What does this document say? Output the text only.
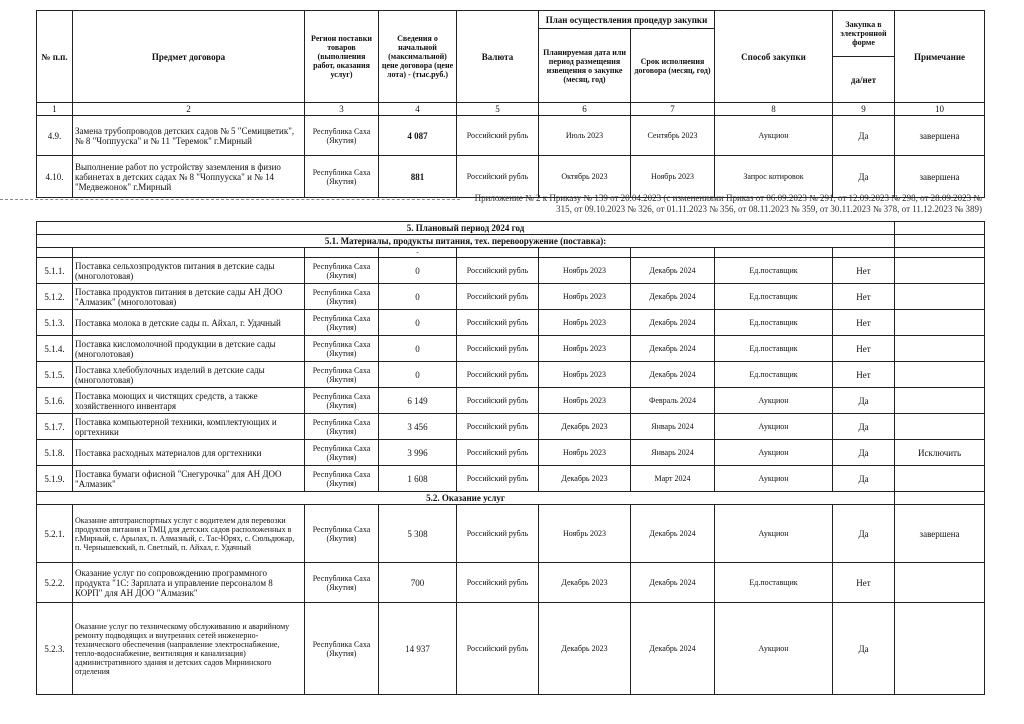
№ п.п.	Предмет договора	Регион поставки товаров (выполнения работ, оказания услуг)	Сведения о начальной (максимальной) цене договора (цене лота) - (тыс.руб.)	Валюта	План осуществления процедур закупки		Способ закупки	Закупка в электронной форме	Примечание
					Планируемая дата или период размещения извещения о закупке (месяц, год)	Срок исполнения договора (месяц, год)			
								да/нет	
1	2	3	4	5	6	7	8	9	10
4.9.	Замена трубопроводов детских садов № 5 "Семицветик", № 8 "Чоппууска" и № 11 "Теремок" г.Мирный	Республика Саха (Якутия)	4 087	Российский рубль	Июль 2023	Сентябрь 2023	Аукцион	Да	завершена
4.10.	Выполнение работ по устройству заземления в физио кабинетах в детских садах № 8 "Чоппууска" и № 14 "Медвежонок" г.Мирный	Республика Саха (Якутия)	881	Российский рубль	Октябрь 2023	Ноябрь 2023	Запрос котировок	Да	завершена
Приложение № 2 к Приказу № 139 от 20.04.2023 (с изменениями Приказ от 06.09.2023 № 291, от 12.09.2023 № 298, от 28.09.2023 № 315, от 09.10.2023 № 326, от 01.11.2023 № 356, от 08.11.2023 № 359, от 30.11.2023 № 378, от 11.12.2023 № 389)
5. Плановый период 2024 год									
5.1. Материалы, продукты питания, тех. перевооружение (поставка):									
			-						
5.1.1.	Поставка сельхозпродуктов питания в детские сады (многолотовая)	Республика Саха (Якутия)	0	Российский рубль	Ноябрь 2023	Декабрь 2024	Ед.поставщик	Нет	
5.1.2.	Поставка продуктов питания в детские сады АН ДОО "Алмазик" (многолотовая)	Республика Саха (Якутия)	0	Российский рубль	Ноябрь 2023	Декабрь 2024	Ед.поставщик	Нет	
5.1.3.	Поставка молока в детские сады п. Айхал, г. Удачный	Республика Саха (Якутия)	0	Российский рубль	Ноябрь 2023	Декабрь 2024	Ед.поставщик	Нет	
5.1.4.	Поставка кисломолочной продукции в детские сады (многолотовая)	Республика Саха (Якутия)	0	Российский рубль	Ноябрь 2023	Декабрь 2024	Ед.поставщик	Нет	
5.1.5.	Поставка хлебобулочных изделий в детские сады (многолотовая)	Республика Саха (Якутия)	0	Российский рубль	Ноябрь 2023	Декабрь 2024	Ед.поставщик	Нет	
5.1.6.	Поставка моющих и чистящих средств, а также хозяйственного инвентаря	Республика Саха (Якутия)	6 149	Российский рубль	Ноябрь 2023	Февраль 2024	Аукцион	Да	
5.1.7.	Поставка компьютерной техники, комплектующих и оргтехники	Республика Саха (Якутия)	3 456	Российский рубль	Декабрь 2023	Январь 2024	Аукцион	Да	
5.1.8.	Поставка расходных материалов для оргтехники	Республика Саха (Якутия)	3 996	Российский рубль	Ноябрь 2023	Январь 2024	Аукцион	Да	Исключить
5.1.9.	Поставка бумаги офисной "Снегурочка" для АН ДОО "Алмазик"	Республика Саха (Якутия)	1 608	Российский рубль	Декабрь 2023	Март 2024	Аукцион	Да	
5.2. Оказание услуг									
5.2.1.	Оказание автотранспортных услуг с водителем для перевозки продуктов питания и ТМЦ для детских садов расположенных в г.Мирный, с. Арылах, п. Алмазный, с. Тас-Юрях, с. Сюльдюкар, п. Чернышевский, п. Светлый, п. Айхал, г. Удачный	Республика Саха (Якутия)	5 308	Российский рубль	Ноябрь 2023	Декабрь 2024	Аукцион	Да	завершена
5.2.2.	Оказание услуг по сопровождению программного продукта "1С: Зарплата и управление персоналом 8 КОРП" для АН ДОО "Алмазик"	Республика Саха (Якутия)	700	Российский рубль	Декабрь 2023	Декабрь 2024	Ед.поставщик	Нет	
5.2.3.	Оказание услуг по техническому обслуживанию и аварийному ремонту подводящих и внутренних сетей инженерно-технического обеспечения (направление электроснабжение, тепло-водоснабжение, вентиляция и канализация) административного здания и детских садов Мирнинского отделения	Республика Саха (Якутия)	14 937	Российский рубль	Декабрь 2023	Декабрь 2024	Аукцион	Да	
